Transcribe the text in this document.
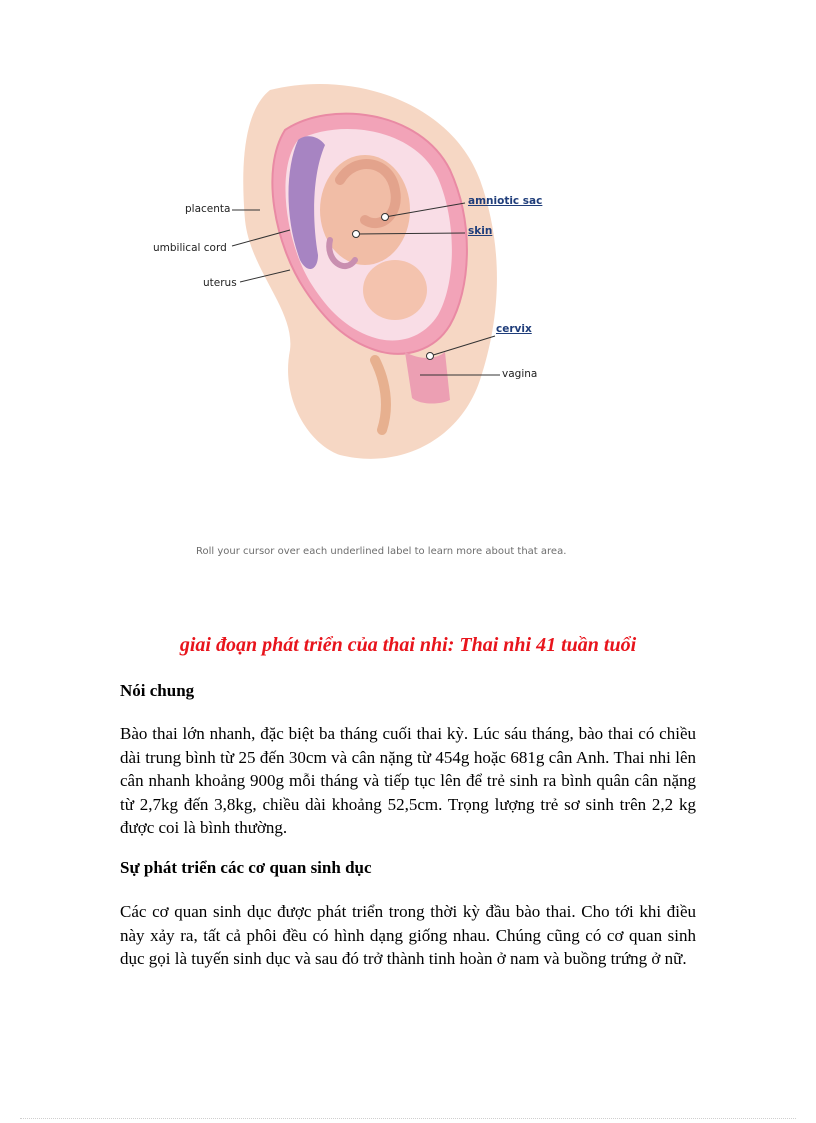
placenta
umbilical cord
uterus
amniotic sac
skin
cervix
vagina
Roll your cursor over each underlined label to learn more about that area.
giai đoạn phát triển của thai nhi: Thai nhi 41 tuần tuổi
Nói chung
Bào thai lớn nhanh, đặc biệt ba tháng cuối thai kỳ. Lúc sáu tháng, bào thai có chiều dài trung bình từ 25 đến 30cm và cân nặng từ 454g hoặc 681g cân Anh. Thai nhi lên cân nhanh khoảng 900g mỗi tháng và tiếp tục lên để trẻ sinh ra bình quân cân nặng từ 2,7kg đến 3,8kg, chiều dài khoảng 52,5cm. Trọng lượng trẻ sơ sinh trên 2,2 kg được coi là bình thường.
Sự phát triển các cơ quan sinh dục
Các cơ quan sinh dục được phát triển trong thời kỳ đầu bào thai. Cho tới khi điều này xảy ra, tất cả phôi đều có hình dạng giống nhau. Chúng cũng có cơ quan sinh dục gọi là tuyến sinh dục và sau đó trở thành tinh hoàn ở nam và buồng trứng ở nữ.
